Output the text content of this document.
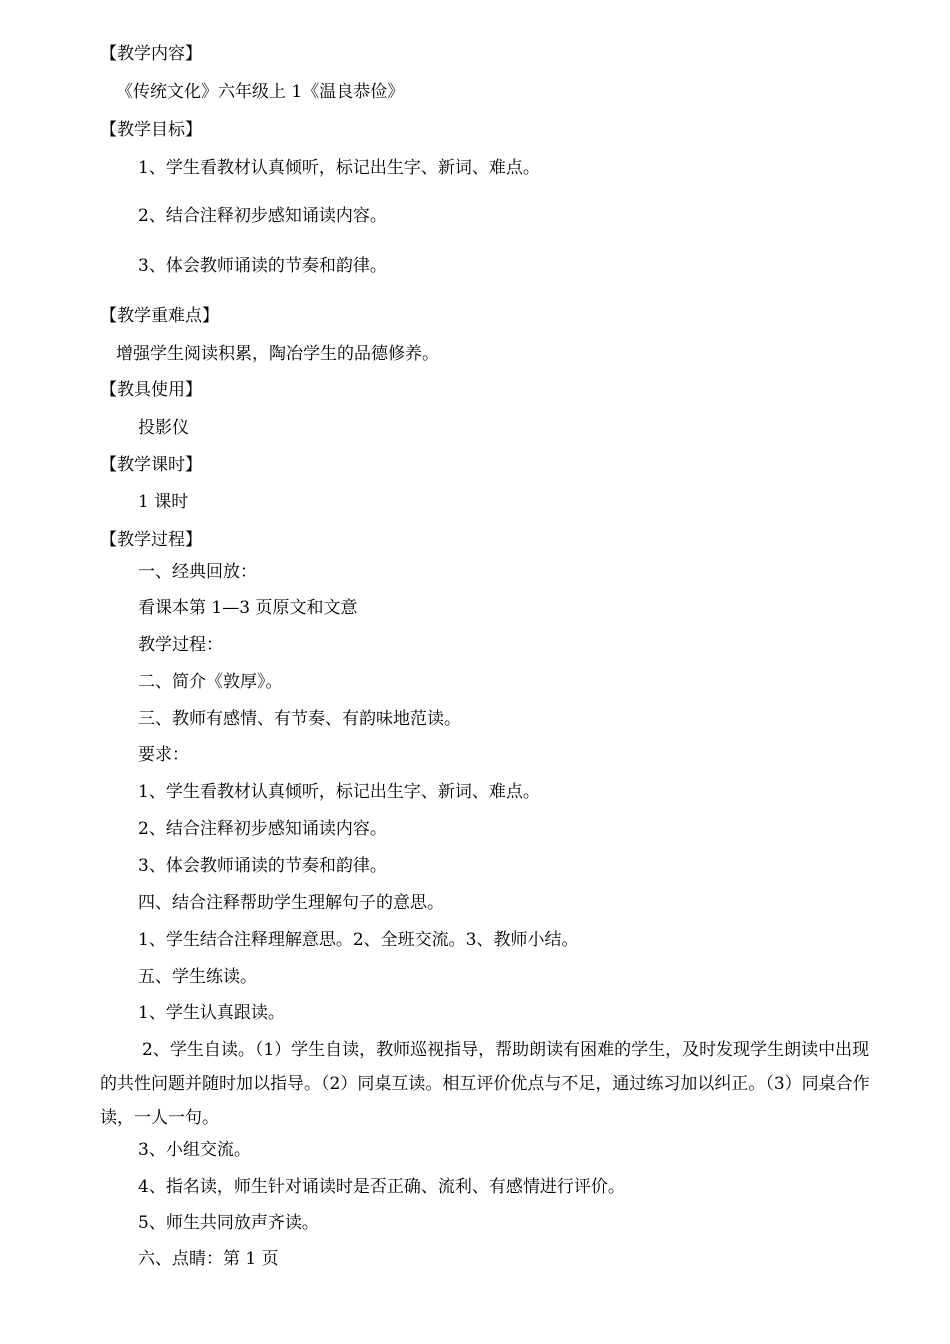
【教学内容】
《传统文化》六年级上 1《温良恭俭》
【教学目标】
1、学生看教材认真倾听，标记出生字、新词、难点。
2、结合注释初步感知诵读内容。
3、体会教师诵读的节奏和韵律。
【教学重难点】
增强学生阅读积累，陶冶学生的品德修养。
【教具使用】
投影仪
【教学课时】
1 课时
【教学过程】
一、经典回放：
看课本第 1—3 页原文和文意
教学过程：
二、简介《敦厚》。
三、教师有感情、有节奏、有韵味地范读。
要求：
1、学生看教材认真倾听，标记出生字、新词、难点。
2、结合注释初步感知诵读内容。
3、体会教师诵读的节奏和韵律。
四、结合注释帮助学生理解句子的意思。
1、学生结合注释理解意思。2、全班交流。3、教师小结。
五、学生练读。
1、学生认真跟读。
2、学生自读。（1）学生自读，教师巡视指导，帮助朗读有困难的学生，及时发现学生朗读中出现的共性问题并随时加以指导。（2）同桌互读。相互评价优点与不足，通过练习加以纠正。（3）同桌合作读，一人一句。
3、小组交流。
4、指名读，师生针对诵读时是否正确、流利、有感情进行评价。
5、师生共同放声齐读。
六、点睛：第 1 页
